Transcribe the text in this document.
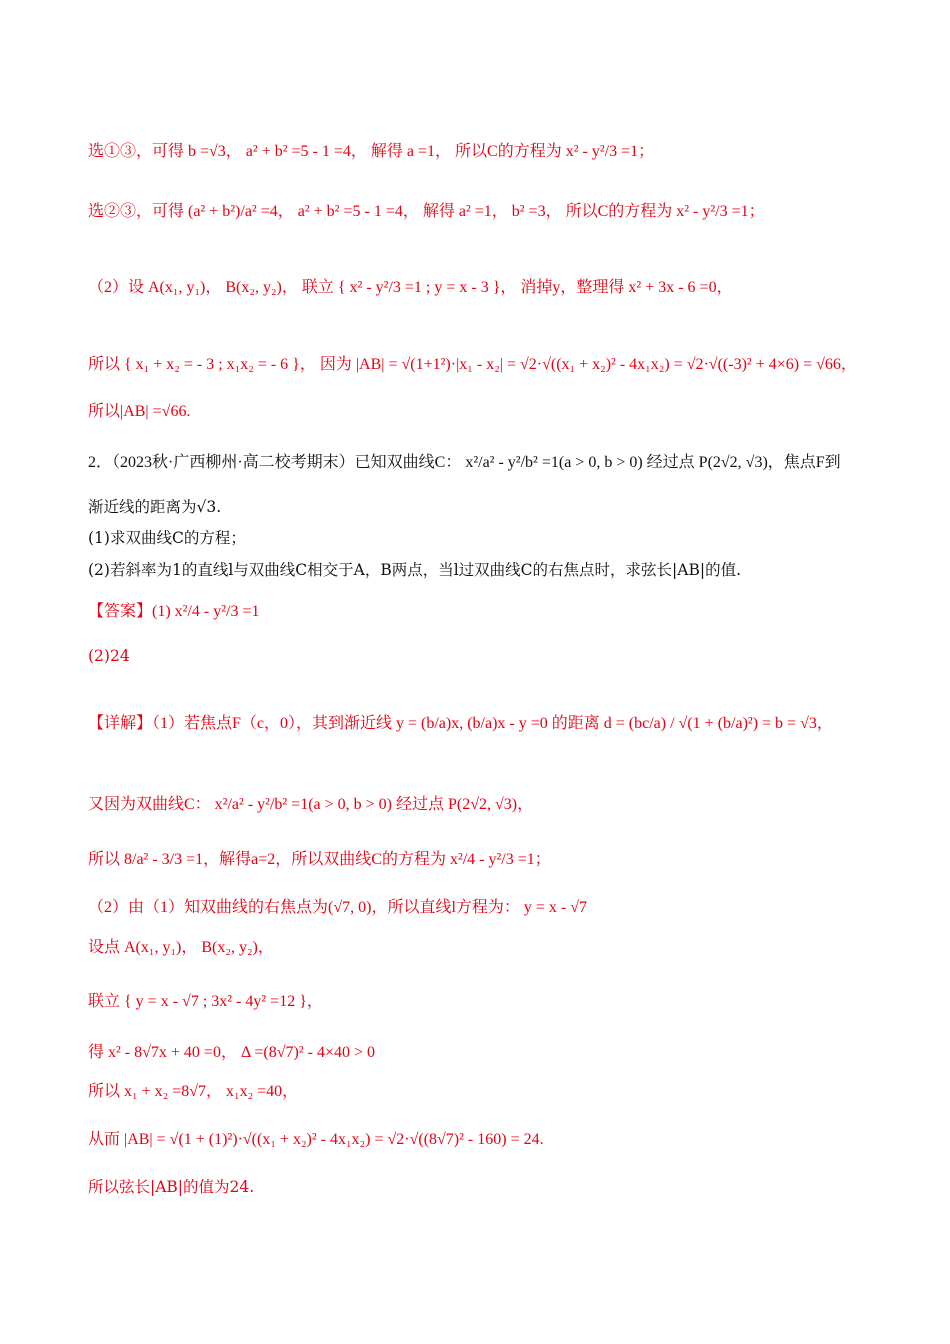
选①③，可得 b =√3， a² + b² =5 - 1 =4， 解得 a =1， 所以C的方程为 x² - y²/3 =1；
选②③，可得 (a² + b²)/a² =4， a² + b² =5 - 1 =4， 解得 a² =1， b² =3， 所以C的方程为 x² - y²/3 =1；
（2）设 A(x₁, y₁)， B(x₂, y₂)， 联立 { x² - y²/3 =1 ; y = x - 3 }， 消掉y，整理得 x² + 3x - 6 =0，
所以 { x₁ + x₂ = - 3 ; x₁x₂ = - 6 }， 因为 |AB| = √(1+1²)·|x₁ - x₂| = √2·√((x₁ + x₂)² - 4x₁x₂) = √2·√((-3)² + 4×6) = √66，
所以|AB| =√66.
2．（2023秋·广西柳州·高二校考期末）已知双曲线C： x²/a² - y²/b² =1(a > 0, b > 0) 经过点 P(2√2, √3)，焦点F到
渐近线的距离为√3.
(1)求双曲线C的方程；
(2)若斜率为1的直线l与双曲线C相交于A，B两点，当l过双曲线C的右焦点时，求弦长|AB|的值.
【答案】(1) x²/4 - y²/3 =1
(2)24
【详解】（1）若焦点F（c，0），其到渐近线 y = (b/a)x, (b/a)x - y =0 的距离 d = (bc/a) / √(1 + (b/a)²) = b = √3，
又因为双曲线C： x²/a² - y²/b² =1(a > 0, b > 0) 经过点 P(2√2, √3)，
所以 8/a² - 3/3 =1，解得a=2，所以双曲线C的方程为 x²/4 - y²/3 =1；
（2）由（1）知双曲线的右焦点为(√7, 0)，所以直线l方程为： y = x - √7
设点 A(x₁, y₁)， B(x₂, y₂)，
联立 { y = x - √7 ; 3x² - 4y² =12 }，
得 x² - 8√7x + 40 =0， Δ =(8√7)² - 4×40 > 0
所以 x₁ + x₂ =8√7， x₁x₂ =40，
从而 |AB| = √(1 + (1)²)·√((x₁ + x₂)² - 4x₁x₂) = √2·√((8√7)² - 160) = 24.
所以弦长|AB|的值为24.
